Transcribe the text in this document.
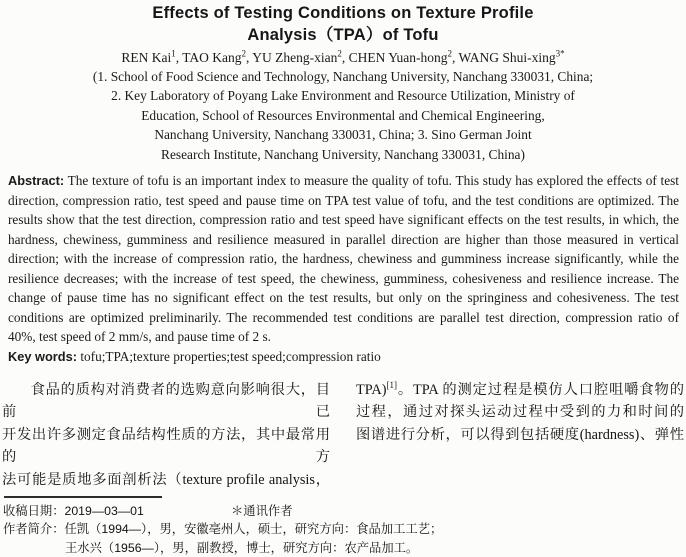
Effects of Testing Conditions on Texture Profile
Analysis（TPA）of Tofu
REN Kai$^1$, TAO Kang$^2$, YU Zheng-xian$^2$, CHEN Yuan-hong$^2$, WANG Shui-xing$^{3*}$
(1. School of Food Science and Technology, Nanchang University, Nanchang 330031, China;
2. Key Laboratory of Poyang Lake Environment and Resource Utilization, Ministry of
Education, School of Resources Environmental and Chemical Engineering,
Nanchang University, Nanchang 330031, China; 3. Sino German Joint
Research Institute, Nanchang University, Nanchang 330031, China)
Abstract: The texture of tofu is an important index to measure the quality of tofu. This study has explored the effects of test direction, compression ratio, test speed and pause time on TPA test value of tofu, and the test conditions are optimized. The results show that the test direction, compression ratio and test speed have significant effects on the test results, in which, the hardness, chewiness, gumminess and resilience measured in parallel direction are higher than those measured in vertical direction; with the increase of compression ratio, the hardness, chewiness and gumminess increase significantly, while the resilience decreases; with the increase of test speed, the chewiness, gumminess, cohesiveness and resilience increase. The change of pause time has no significant effect on the test results, but only on the springiness and cohesiveness. The test conditions are optimized preliminarily. The recommended test conditions are parallel test direction, compression ratio of 40%, test speed of 2 mm/s, and pause time of 2 s.
Key words: tofu;TPA;texture properties;test speed;compression ratio
食品的质构对消费者的选购意向影响很大，目前已
开发出许多测定食品结构性质的方法，其中最常用的方
法可能是质地多面剖析法（texture profile analysis，
TPA)[1]。TPA 的测定过程是模仿人口腔咀嚼食物的
过程，通过对探头运动过程中受到的力和时间的
图谱进行分析，可以得到包括硬度(hardness)、弹性
收稿日期：2019—03—01	＊通讯作者
作者简介：任凯（1994—），男，安徽亳州人，硕士，研究方向：食品加工工艺；
王水兴（1956—），男，副教授，博士，研究方向：农产品加工。
